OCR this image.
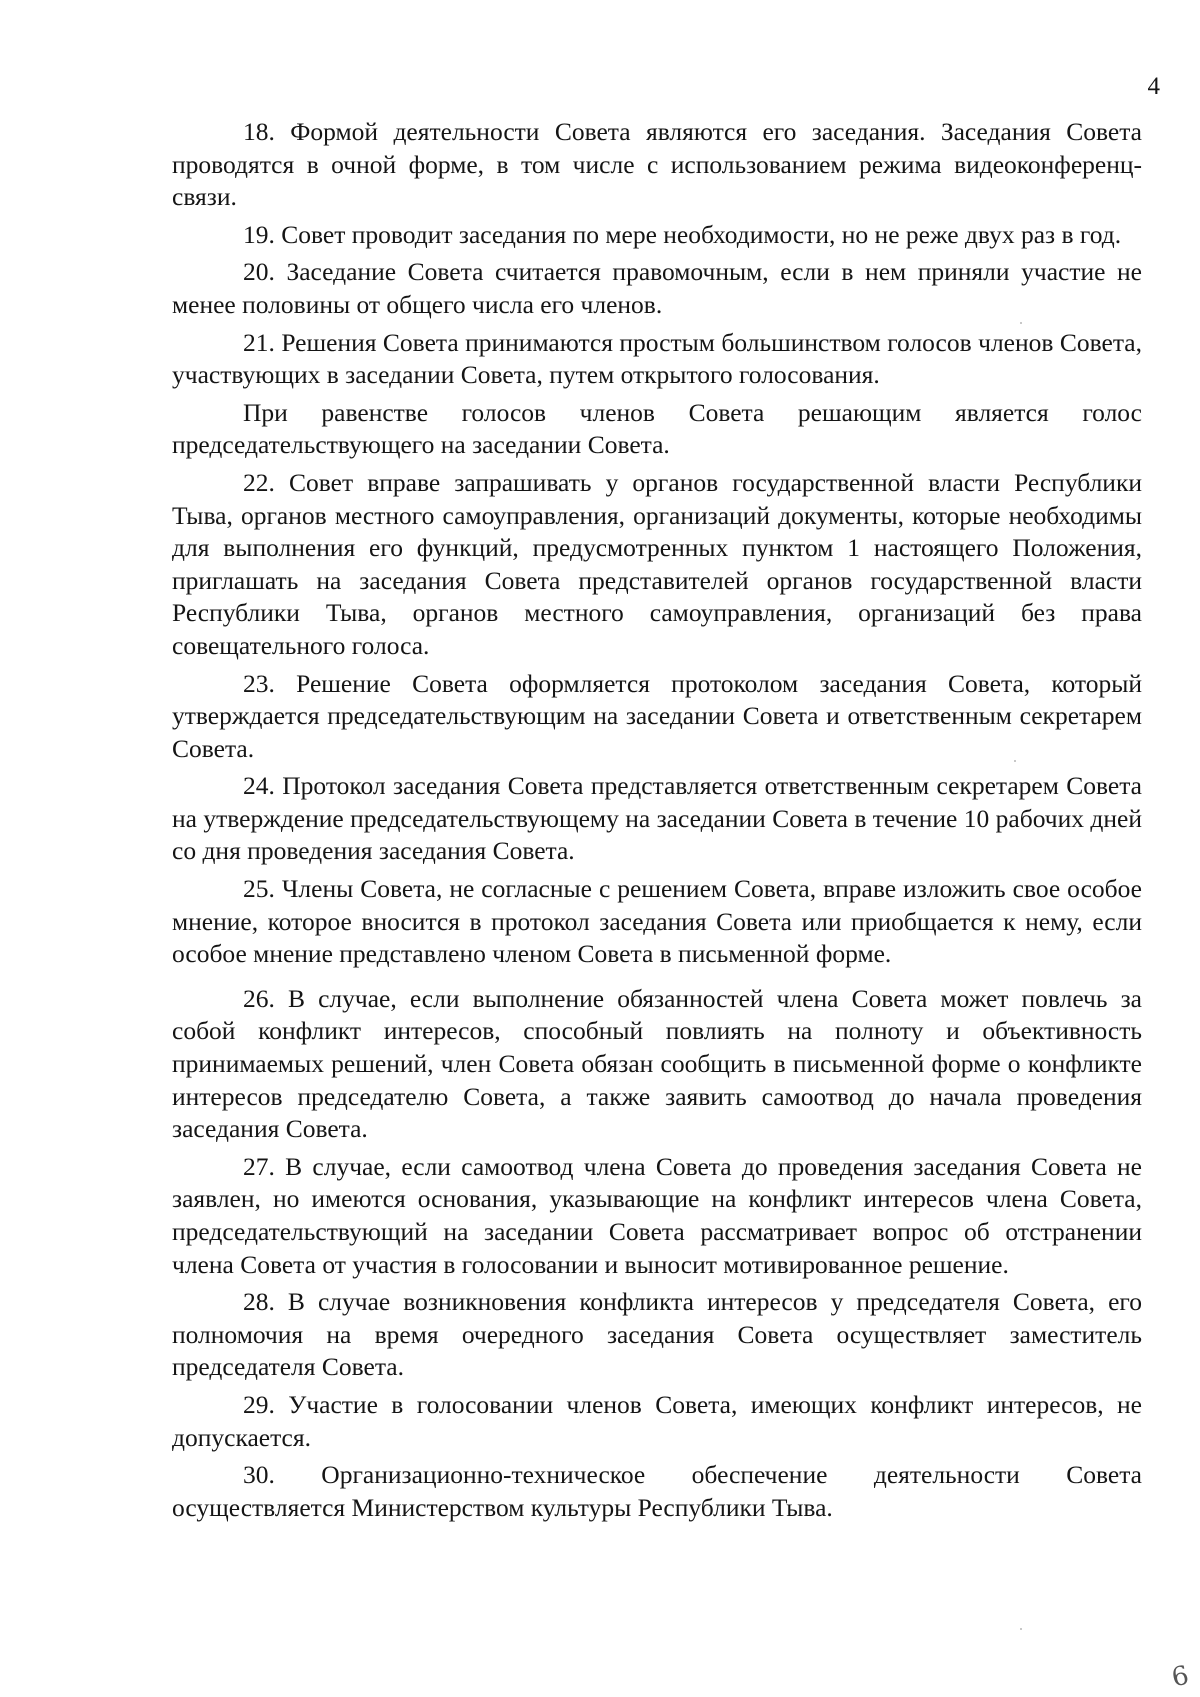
4

18. Формой деятельности Совета являются его заседания. Заседания Совета проводятся в очной форме, в том числе с использованием режима видеоконференц-связи.

19. Совет проводит заседания по мере необходимости, но не реже двух раз в год.

20. Заседание Совета считается правомочным, если в нем приняли участие не менее половины от общего числа его членов.

21. Решения Совета принимаются простым большинством голосов членов Совета, участвующих в заседании Совета, путем открытого голосования.

При равенстве голосов членов Совета решающим является голос председательствующего на заседании Совета.

22. Совет вправе запрашивать у органов государственной власти Республики Тыва, органов местного самоуправления, организаций документы, которые необходимы для выполнения его функций, предусмотренных пунктом 1 настоящего Положения, приглашать на заседания Совета представителей органов государственной власти Республики Тыва, органов местного самоуправления, организаций без права совещательного голоса.

23. Решение Совета оформляется протоколом заседания Совета, который утверждается председательствующим на заседании Совета и ответственным секретарем Совета.

24. Протокол заседания Совета представляется ответственным секретарем Совета на утверждение председательствующему на заседании Совета в течение 10 рабочих дней со дня проведения заседания Совета.

25. Члены Совета, не согласные с решением Совета, вправе изложить свое особое мнение, которое вносится в протокол заседания Совета или приобщается к нему, если особое мнение представлено членом Совета в письменной форме.

26. В случае, если выполнение обязанностей члена Совета может повлечь за собой конфликт интересов, способный повлиять на полноту и объективность принимаемых решений, член Совета обязан сообщить в письменной форме о конфликте интересов председателю Совета, а также заявить самоотвод до начала проведения заседания Совета.

27. В случае, если самоотвод члена Совета до проведения заседания Совета не заявлен, но имеются основания, указывающие на конфликт интересов члена Совета, председательствующий на заседании Совета рассматривает вопрос об отстранении члена Совета от участия в голосовании и выносит мотивированное решение.

28. В случае возникновения конфликта интересов у председателя Совета, его полномочия на время очередного заседания Совета осуществляет заместитель председателя Совета.

29. Участие в голосовании членов Совета, имеющих конфликт интересов, не допускается.

30. Организационно-техническое обеспечение деятельности Совета осуществляется Министерством культуры Республики Тыва.

6
